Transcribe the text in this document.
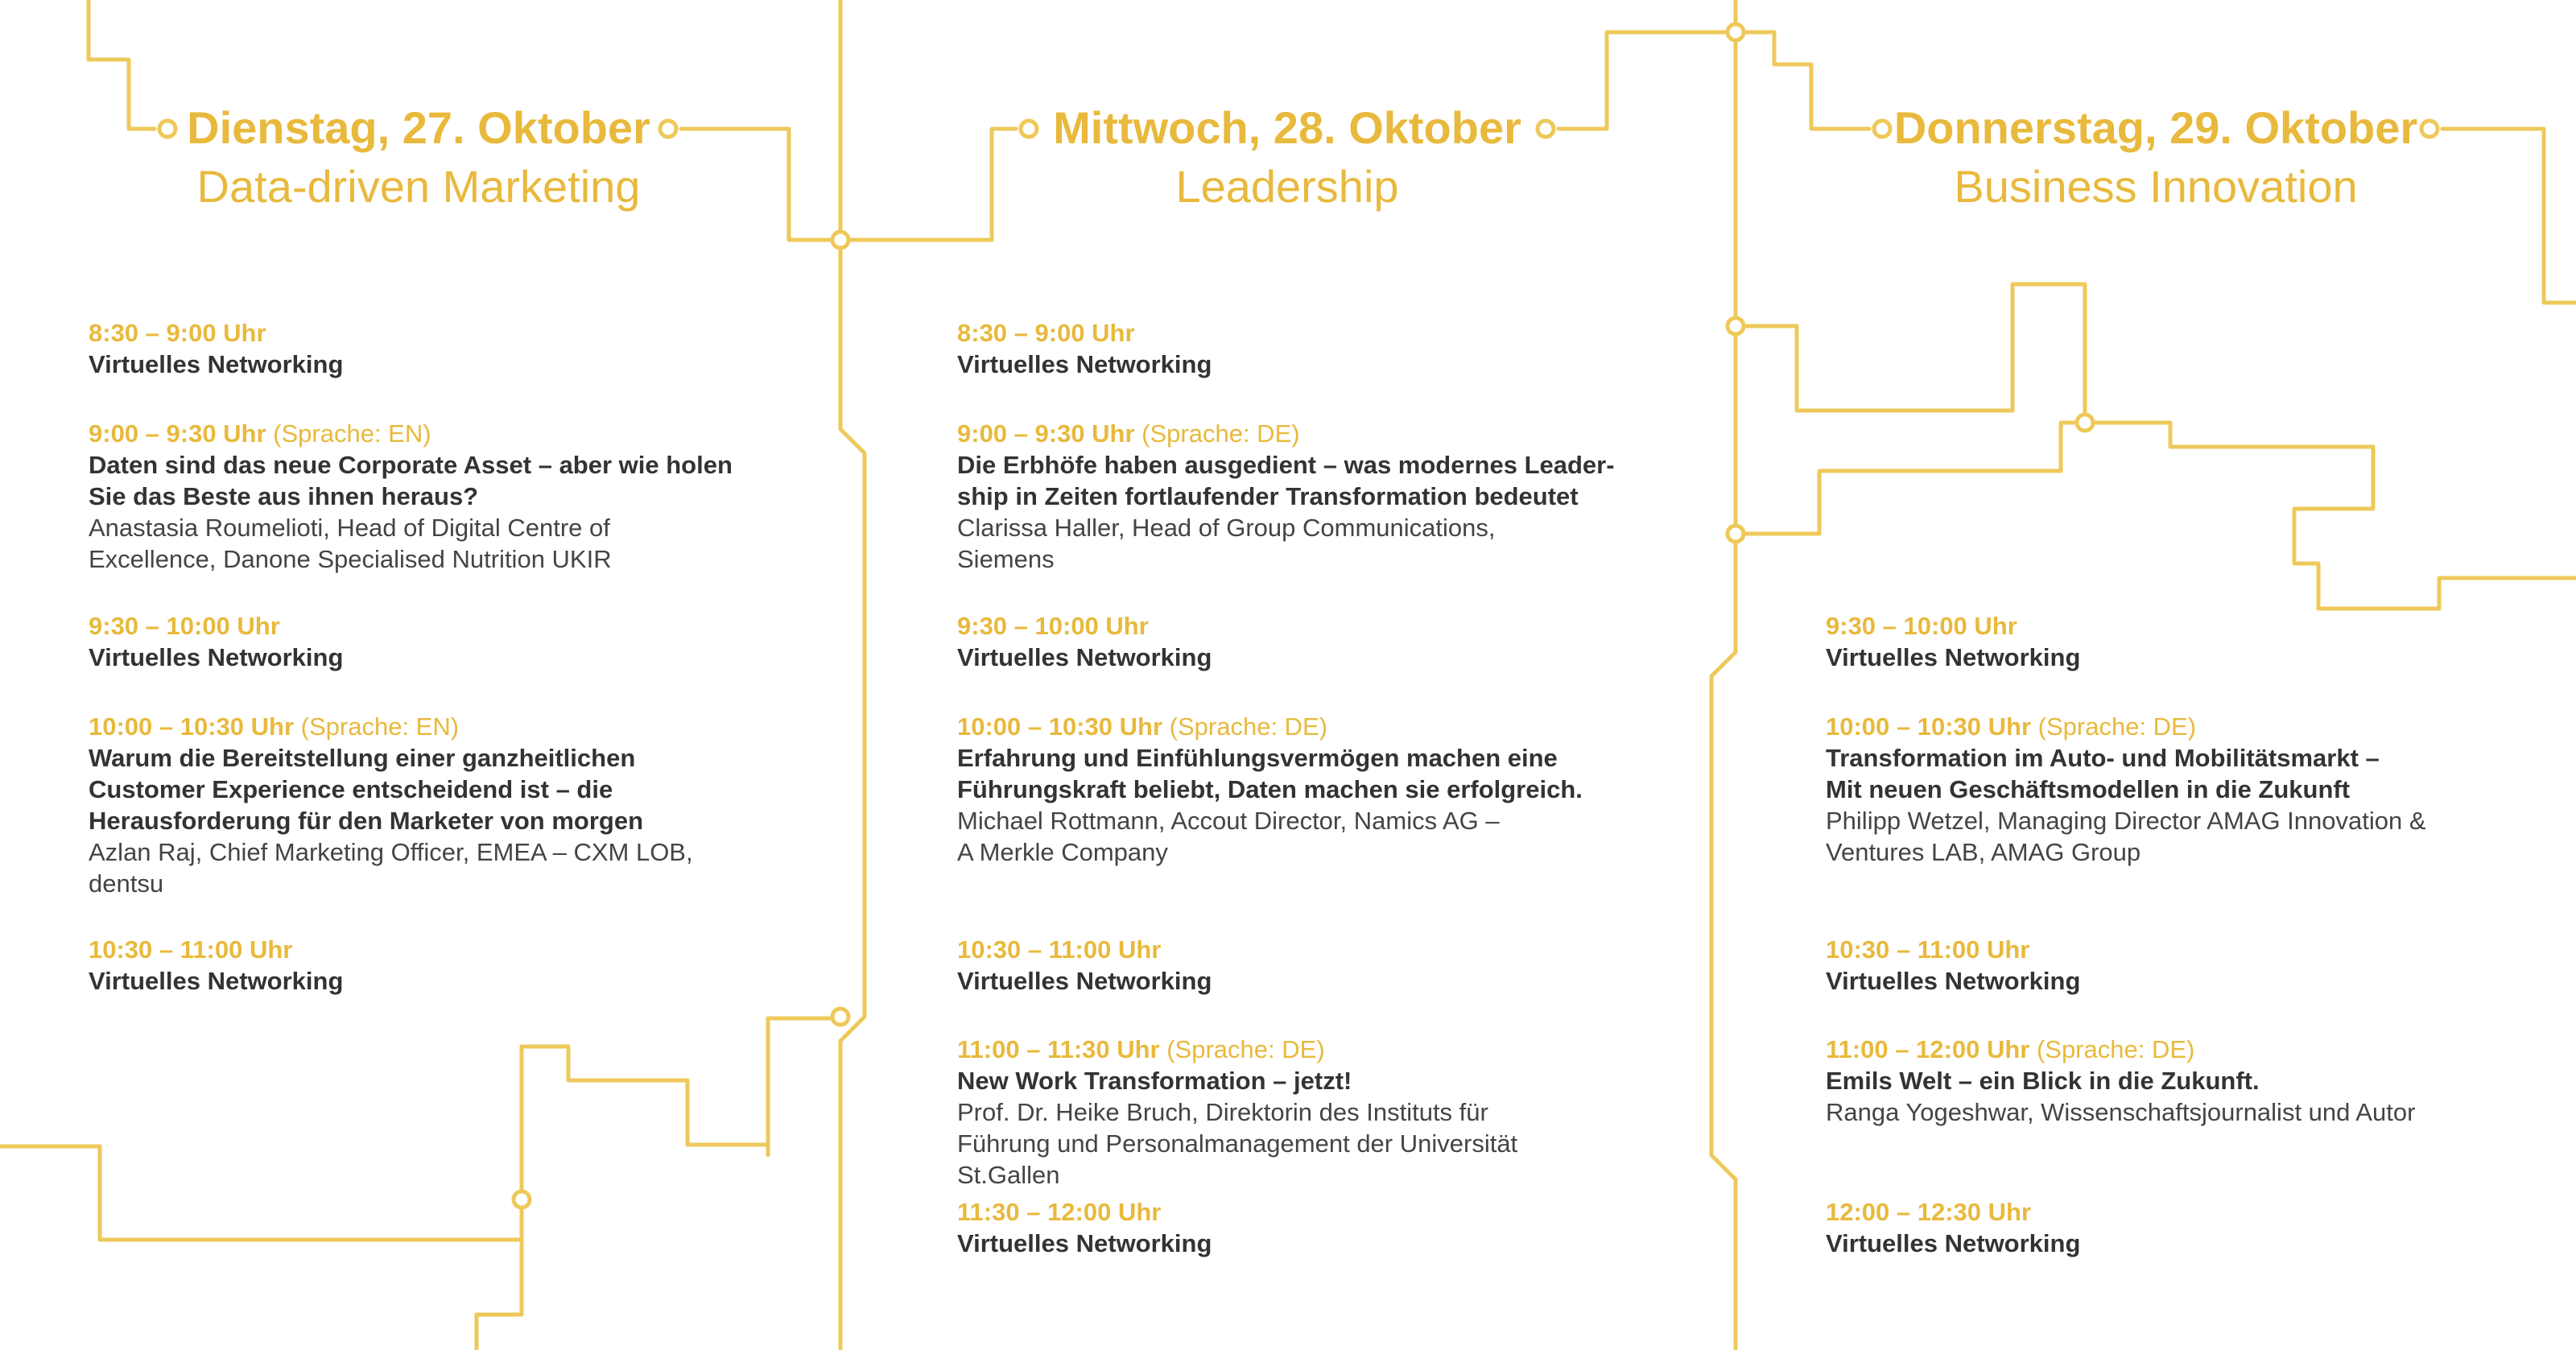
Dienstag, 27. Oktober
Data-driven Marketing
Mittwoch, 28. Oktober
Leadership
Donnerstag, 29. Oktober
Business Innovation
8:30 – 9:00 Uhr
Virtuelles Networking
9:00 – 9:30 Uhr (Sprache: EN)
Daten sind das neue Corporate Asset – aber wie holen
Sie das Beste aus ihnen heraus?
Anastasia Roumelioti, Head of Digital Centre of
Excellence, Danone Specialised Nutrition UKIR
9:30 – 10:00 Uhr
Virtuelles Networking
10:00 – 10:30 Uhr (Sprache: EN)
Warum die Bereitstellung einer ganzheitlichen
Customer Experience entscheidend ist – die
Herausforderung für den Marketer von morgen
Azlan Raj, Chief Marketing Officer, EMEA – CXM LOB,
dentsu
10:30 – 11:00 Uhr
Virtuelles Networking
8:30 – 9:00 Uhr
Virtuelles Networking
9:00 – 9:30 Uhr (Sprache: DE)
Die Erbhöfe haben ausgedient – was modernes Leader-
ship in Zeiten fortlaufender Transformation bedeutet
Clarissa Haller, Head of Group Communications,
Siemens
9:30 – 10:00 Uhr
Virtuelles Networking
10:00 – 10:30 Uhr (Sprache: DE)
Erfahrung und Einfühlungsvermögen machen eine
Führungskraft beliebt, Daten machen sie erfolgreich.
Michael Rottmann, Accout Director, Namics AG –
A Merkle Company
10:30 – 11:00 Uhr
Virtuelles Networking
11:00 – 11:30 Uhr (Sprache: DE)
New Work Transformation – jetzt!
Prof. Dr. Heike Bruch, Direktorin des Instituts für
Führung und Personalmanagement der Universität
St.Gallen
11:30 – 12:00 Uhr
Virtuelles Networking
9:30 – 10:00 Uhr
Virtuelles Networking
10:00 – 10:30 Uhr (Sprache: DE)
Transformation im Auto- und Mobilitätsmarkt –
Mit neuen Geschäftsmodellen in die Zukunft
Philipp Wetzel, Managing Director AMAG Innovation &
Ventures LAB, AMAG Group
10:30 – 11:00 Uhr
Virtuelles Networking
11:00 – 12:00 Uhr (Sprache: DE)
Emils Welt – ein Blick in die Zukunft.
Ranga Yogeshwar, Wissenschaftsjournalist und Autor
12:00 – 12:30 Uhr
Virtuelles Networking
